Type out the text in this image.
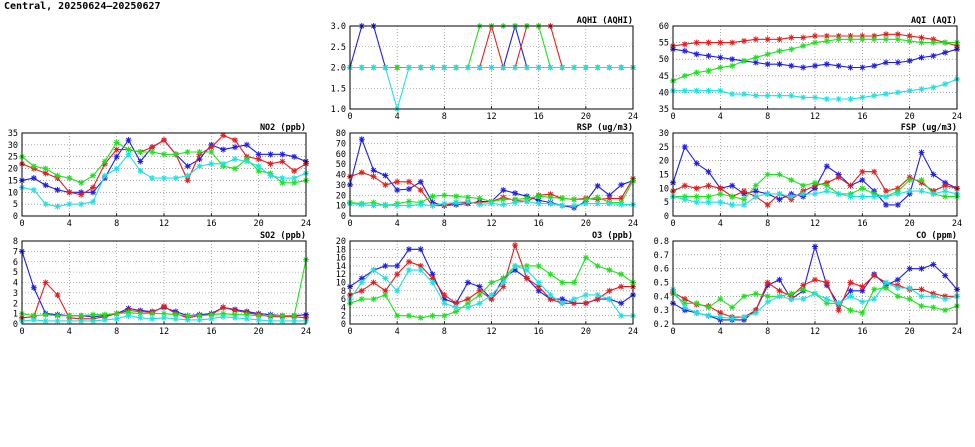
Central, 20250624—20250627
1.0
1.5
2.0
2.5
3.0
0	4	8	12	16	20	24
AQHI (AQHI)
35
40
45
50
55
60
0	4	8	12	16	20	24
AQI (AQI)
0
5
10
15
20
25
30
35
0	4	8	12	16	20	24
NO2 (ppb)
0
10
20
30
40
50
60
70
80
0	4	8	12	16	20	24
RSP (ug/m3)
0
5
10
15
20
25
30
0	4	8	12	16	20	24
FSP (ug/m3)
0
1
2
3
4
5
6
7
8
0	4	8	12	16	20	24
SO2 (ppb)
0
2
4
6
8
10
12
14
16
18
20
0	4	8	12	16	20	24
O3 (ppb)
0.2
0.3
0.4
0.5
0.6
0.7
0.8
0	4	8	12	16	20	24
CO (ppm)
